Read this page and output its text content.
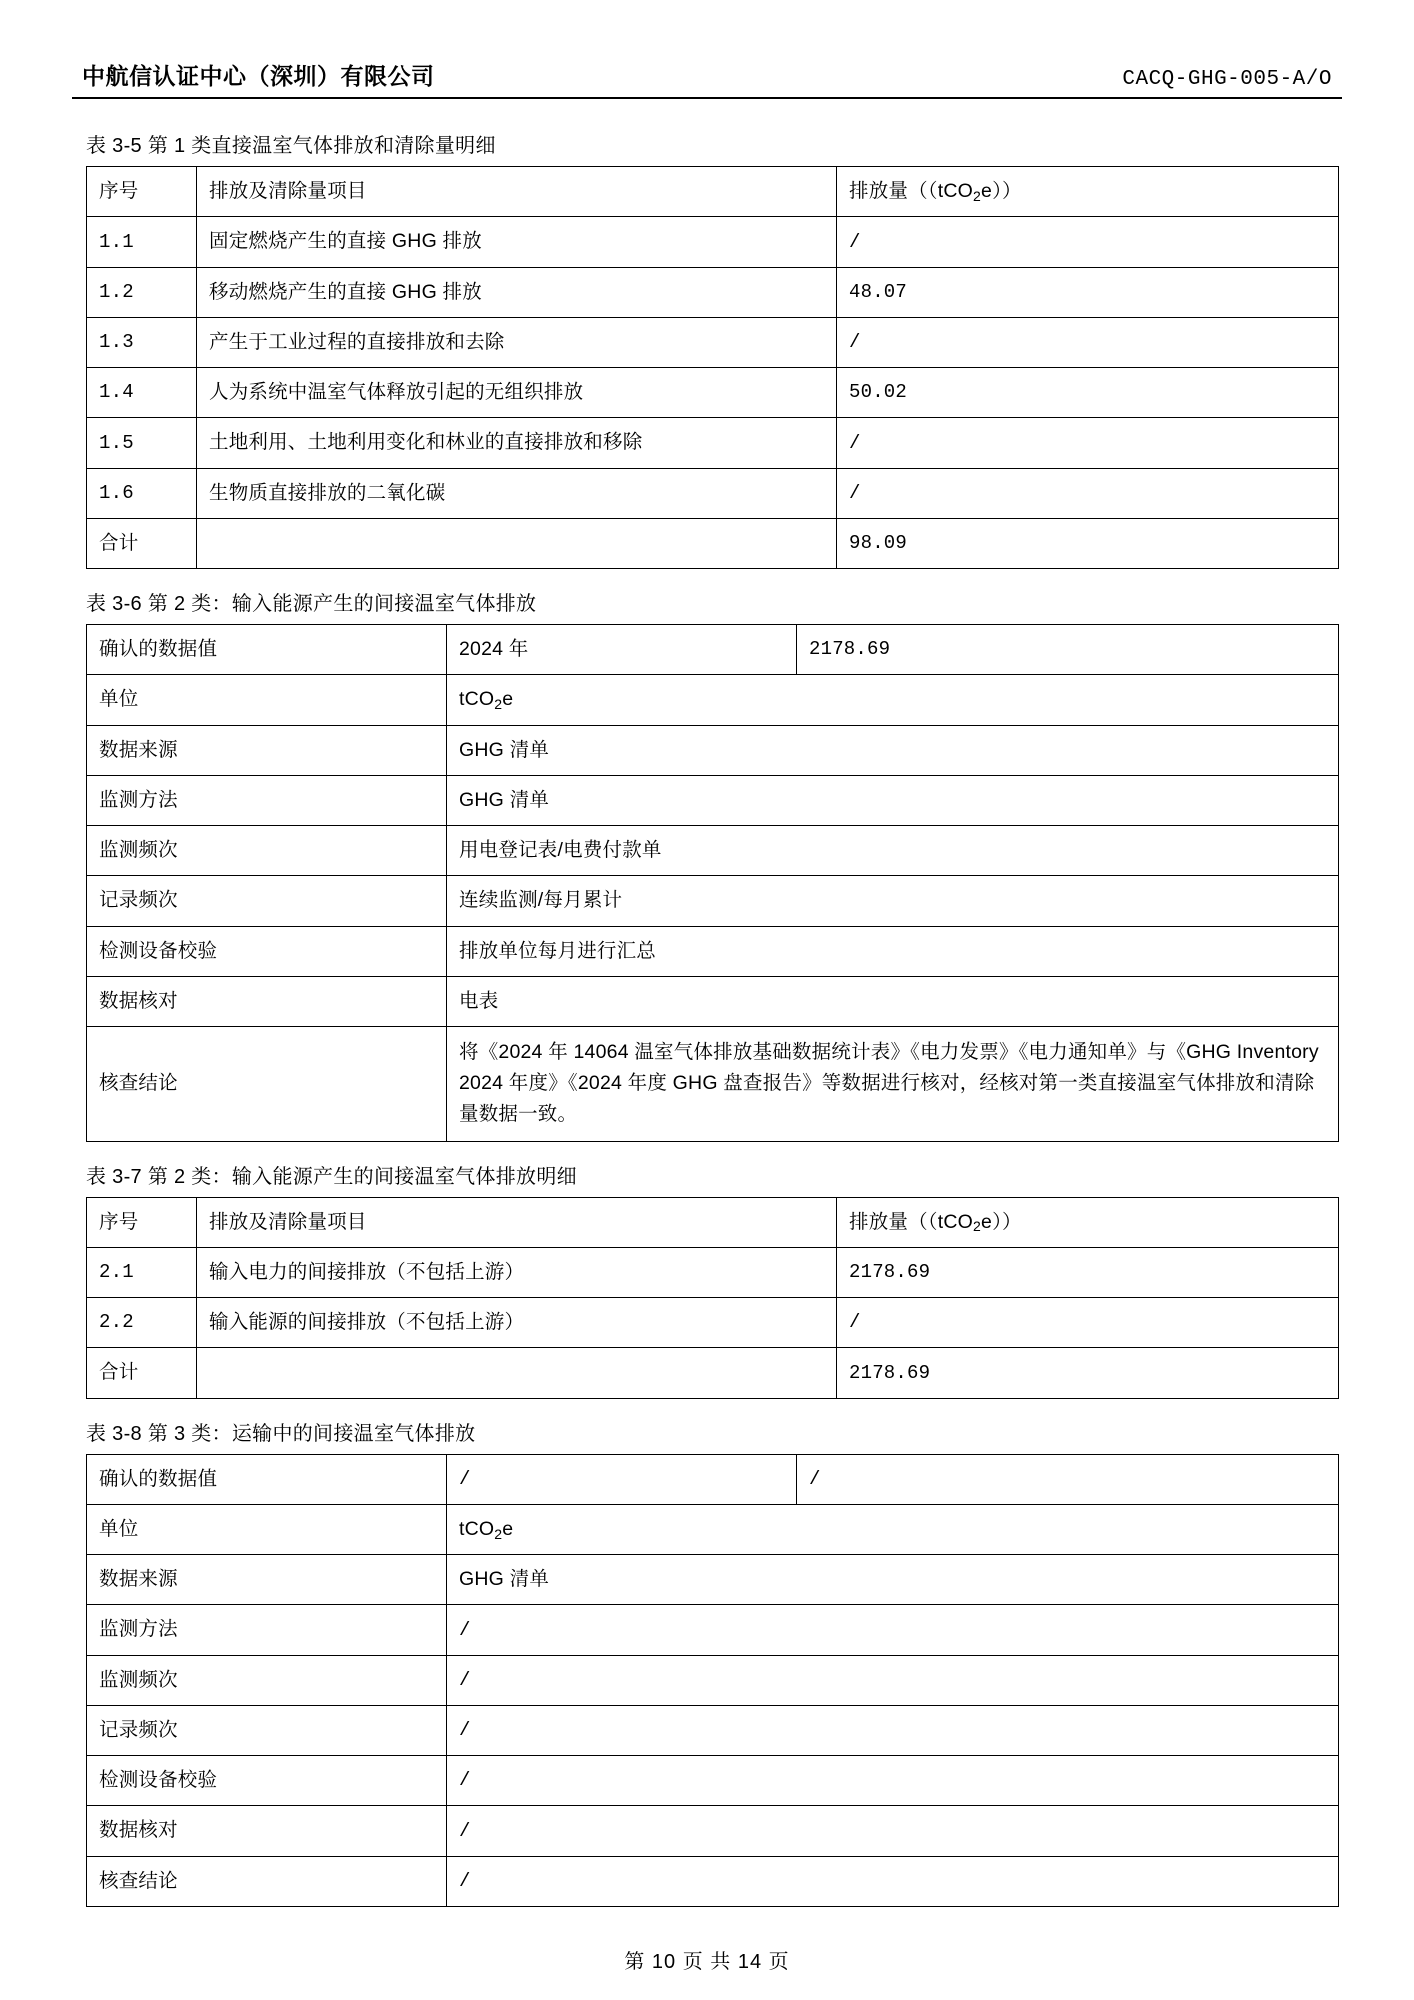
中航信认证中心（深圳）有限公司	CACQ-GHG-005-A/O
表 3-5 第 1 类直接温室气体排放和清除量明细
序号	排放及清除量项目	排放量（（tCO$_2$e））
1.1	固定燃烧产生的直接 GHG 排放	/
1.2	移动燃烧产生的直接 GHG 排放	48.07
1.3	产生于工业过程的直接排放和去除	/
1.4	人为系统中温室气体释放引起的无组织排放	50.02
1.5	土地利用、土地利用变化和林业的直接排放和移除	/
1.6	生物质直接排放的二氧化碳	/
合计		98.09
表 3-6 第 2 类：输入能源产生的间接温室气体排放
确认的数据值	2024 年	2178.69
单位	tCO$_2$e	
数据来源	GHG 清单	
监测方法	GHG 清单	
监测频次	用电登记表/电费付款单	
记录频次	连续监测/每月累计	
检测设备校验	排放单位每月进行汇总	
数据核对	电表	
核查结论	将《2024 年 14064 温室气体排放基础数据统计表》《电力发票》《电力通知单》与《GHG Inventory 2024 年度》《2024 年度 GHG 盘查报告》等数据进行核对，经核对第一类直接温室气体排放和清除量数据一致。	
表 3-7 第 2 类：输入能源产生的间接温室气体排放明细
序号	排放及清除量项目	排放量（（tCO$_2$e））
2.1	输入电力的间接排放（不包括上游）	2178.69
2.2	输入能源的间接排放（不包括上游）	/
合计		2178.69
表 3-8 第 3 类：运输中的间接温室气体排放
确认的数据值	/	/
单位	tCO$_2$e	
数据来源	GHG 清单	
监测方法	/	
监测频次	/	
记录频次	/	
检测设备校验	/	
数据核对	/	
核查结论	/	
第 10 页 共 14 页
